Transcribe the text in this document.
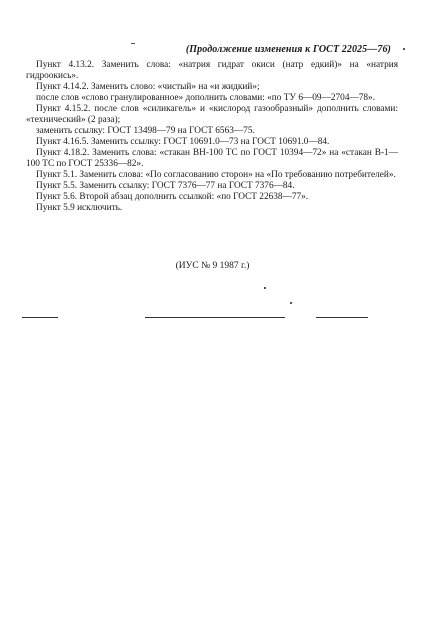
(Продолжение изменения к ГОСТ 22025—76)

Пункт 4.13.2. Заменить слова: «натрия гидрат окиси (натр едкий)» на «натрия гидроокись».

Пункт 4.14.2. Заменить слово: «чистый» на «и жидкий»;

после слов «слово гранулированное» дополнить словами: «по ТУ 6—09—2704—78».

Пункт 4.15.2. после слов «силикагель» и «кислород газообразный» дополнить словами: «технический» (2 раза);

заменить ссылку: ГОСТ 13498—79 на ГОСТ 6563—75.

Пункт 4.16.5. Заменить ссылку: ГОСТ 10691.0—73 на ГОСТ 10691.0—84.

Пункт 4.18.2. Заменить слова: «стакан ВН-100 ТС по ГОСТ 10394—72» на «стакан В-1—100 ТС по ГОСТ 25336—82».

Пункт 5.1. Заменить слова: «По согласованию сторон» на «По требованию потребителей».

Пункт 5.5. Заменить ссылку: ГОСТ 7376—77 на ГОСТ 7376—84.

Пункт 5.6. Второй абзац дополнить ссылкой: «по ГОСТ 22638—77».

Пункт 5.9 исключить.

(ИУС № 9 1987 г.)
